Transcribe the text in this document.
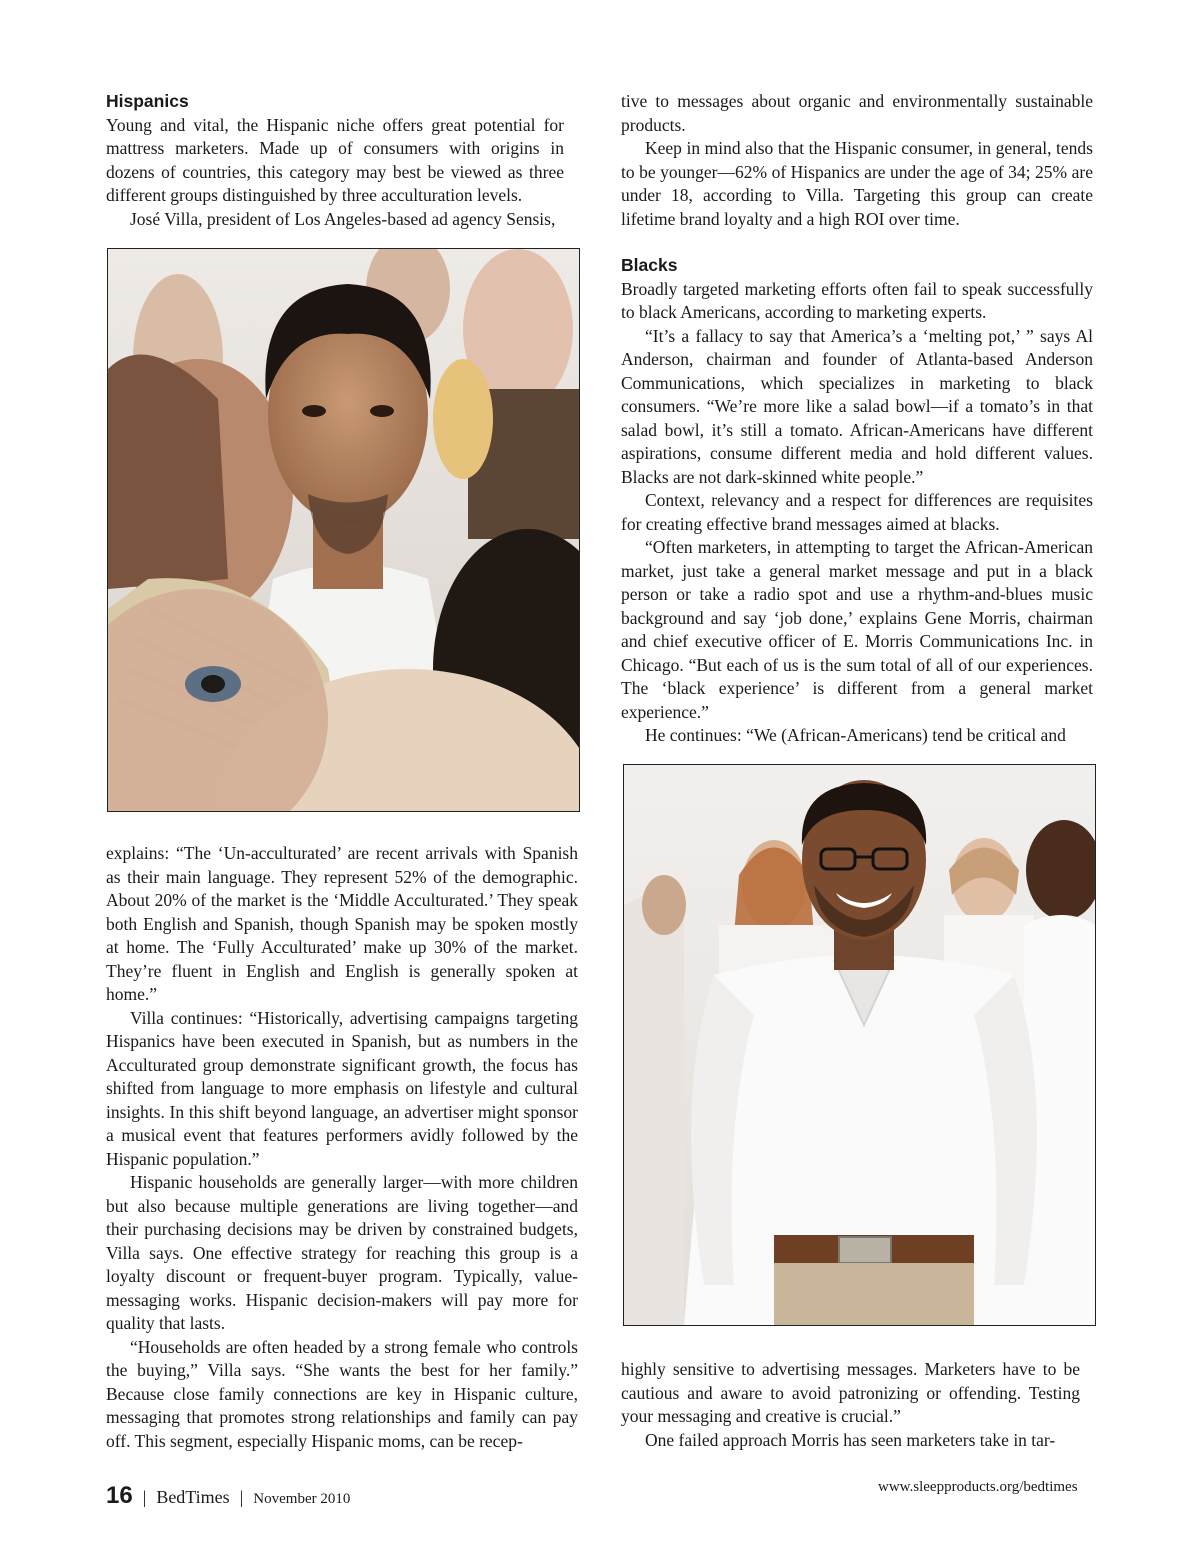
Hispanics

Young and vital, the Hispanic niche offers great potential for mattress marketers. Made up of consumers with origins in dozens of countries, this category may best be viewed as three different groups distinguished by three acculturation levels.

José Villa, president of Los Angeles-based ad agency Sensis,

explains: “The ‘Un-acculturated’ are recent arrivals with Spanish as their main language. They represent 52% of the demographic. About 20% of the market is the ‘Middle Acculturated.’ They speak both English and Spanish, though Spanish may be spoken mostly at home. The ‘Fully Acculturated’ make up 30% of the market. They’re fluent in English and English is generally spoken at home.”

Villa continues: “Historically, advertising campaigns targeting Hispanics have been executed in Spanish, but as numbers in the Acculturated group demonstrate significant growth, the focus has shifted from language to more emphasis on lifestyle and cultural insights. In this shift beyond language, an advertiser might sponsor a musical event that features performers avidly followed by the Hispanic population.”

Hispanic households are generally larger—with more children but also because multiple generations are living together—and their purchasing decisions may be driven by constrained budgets, Villa says. One effective strategy for reaching this group is a loyalty discount or frequent-buyer program. Typically, value-messaging works. Hispanic decision-makers will pay more for quality that lasts.

“Households are often headed by a strong female who controls the buying,” Villa says. “She wants the best for her family.” Because close family connections are key in Hispanic culture, messaging that promotes strong relationships and family can pay off. This segment, especially Hispanic moms, can be recep-

tive to messages about organic and environmentally sustainable products.

Keep in mind also that the Hispanic consumer, in general, tends to be younger—62% of Hispanics are under the age of 34; 25% are under 18, according to Villa. Targeting this group can create lifetime brand loyalty and a high ROI over time.

Blacks

Broadly targeted marketing efforts often fail to speak successfully to black Americans, according to marketing experts.

“It’s a fallacy to say that America’s a ‘melting pot,’ ” says Al Anderson, chairman and founder of Atlanta-based Anderson Communications, which specializes in marketing to black consumers. “We’re more like a salad bowl—if a tomato’s in that salad bowl, it’s still a tomato. African-Americans have different aspirations, consume different media and hold different values. Blacks are not dark-skinned white people.”

Context, relevancy and a respect for differences are requisites for creating effective brand messages aimed at blacks.

“Often marketers, in attempting to target the African-American market, just take a general market message and put in a black person or take a radio spot and use a rhythm-and-blues music background and say ‘job done,’ explains Gene Morris, chairman and chief executive officer of E. Morris Communications Inc. in Chicago. “But each of us is the sum total of all of our experiences. The ‘black experience’ is different from a general market experience.”

He continues: “We (African-Americans) tend be critical and

highly sensitive to advertising messages. Marketers have to be cautious and aware to avoid patronizing or offending. Testing your messaging and creative is crucial.”

One failed approach Morris has seen marketers take in tar-

16 | BedTimes | November 2010
www.sleepproducts.org/bedtimes
